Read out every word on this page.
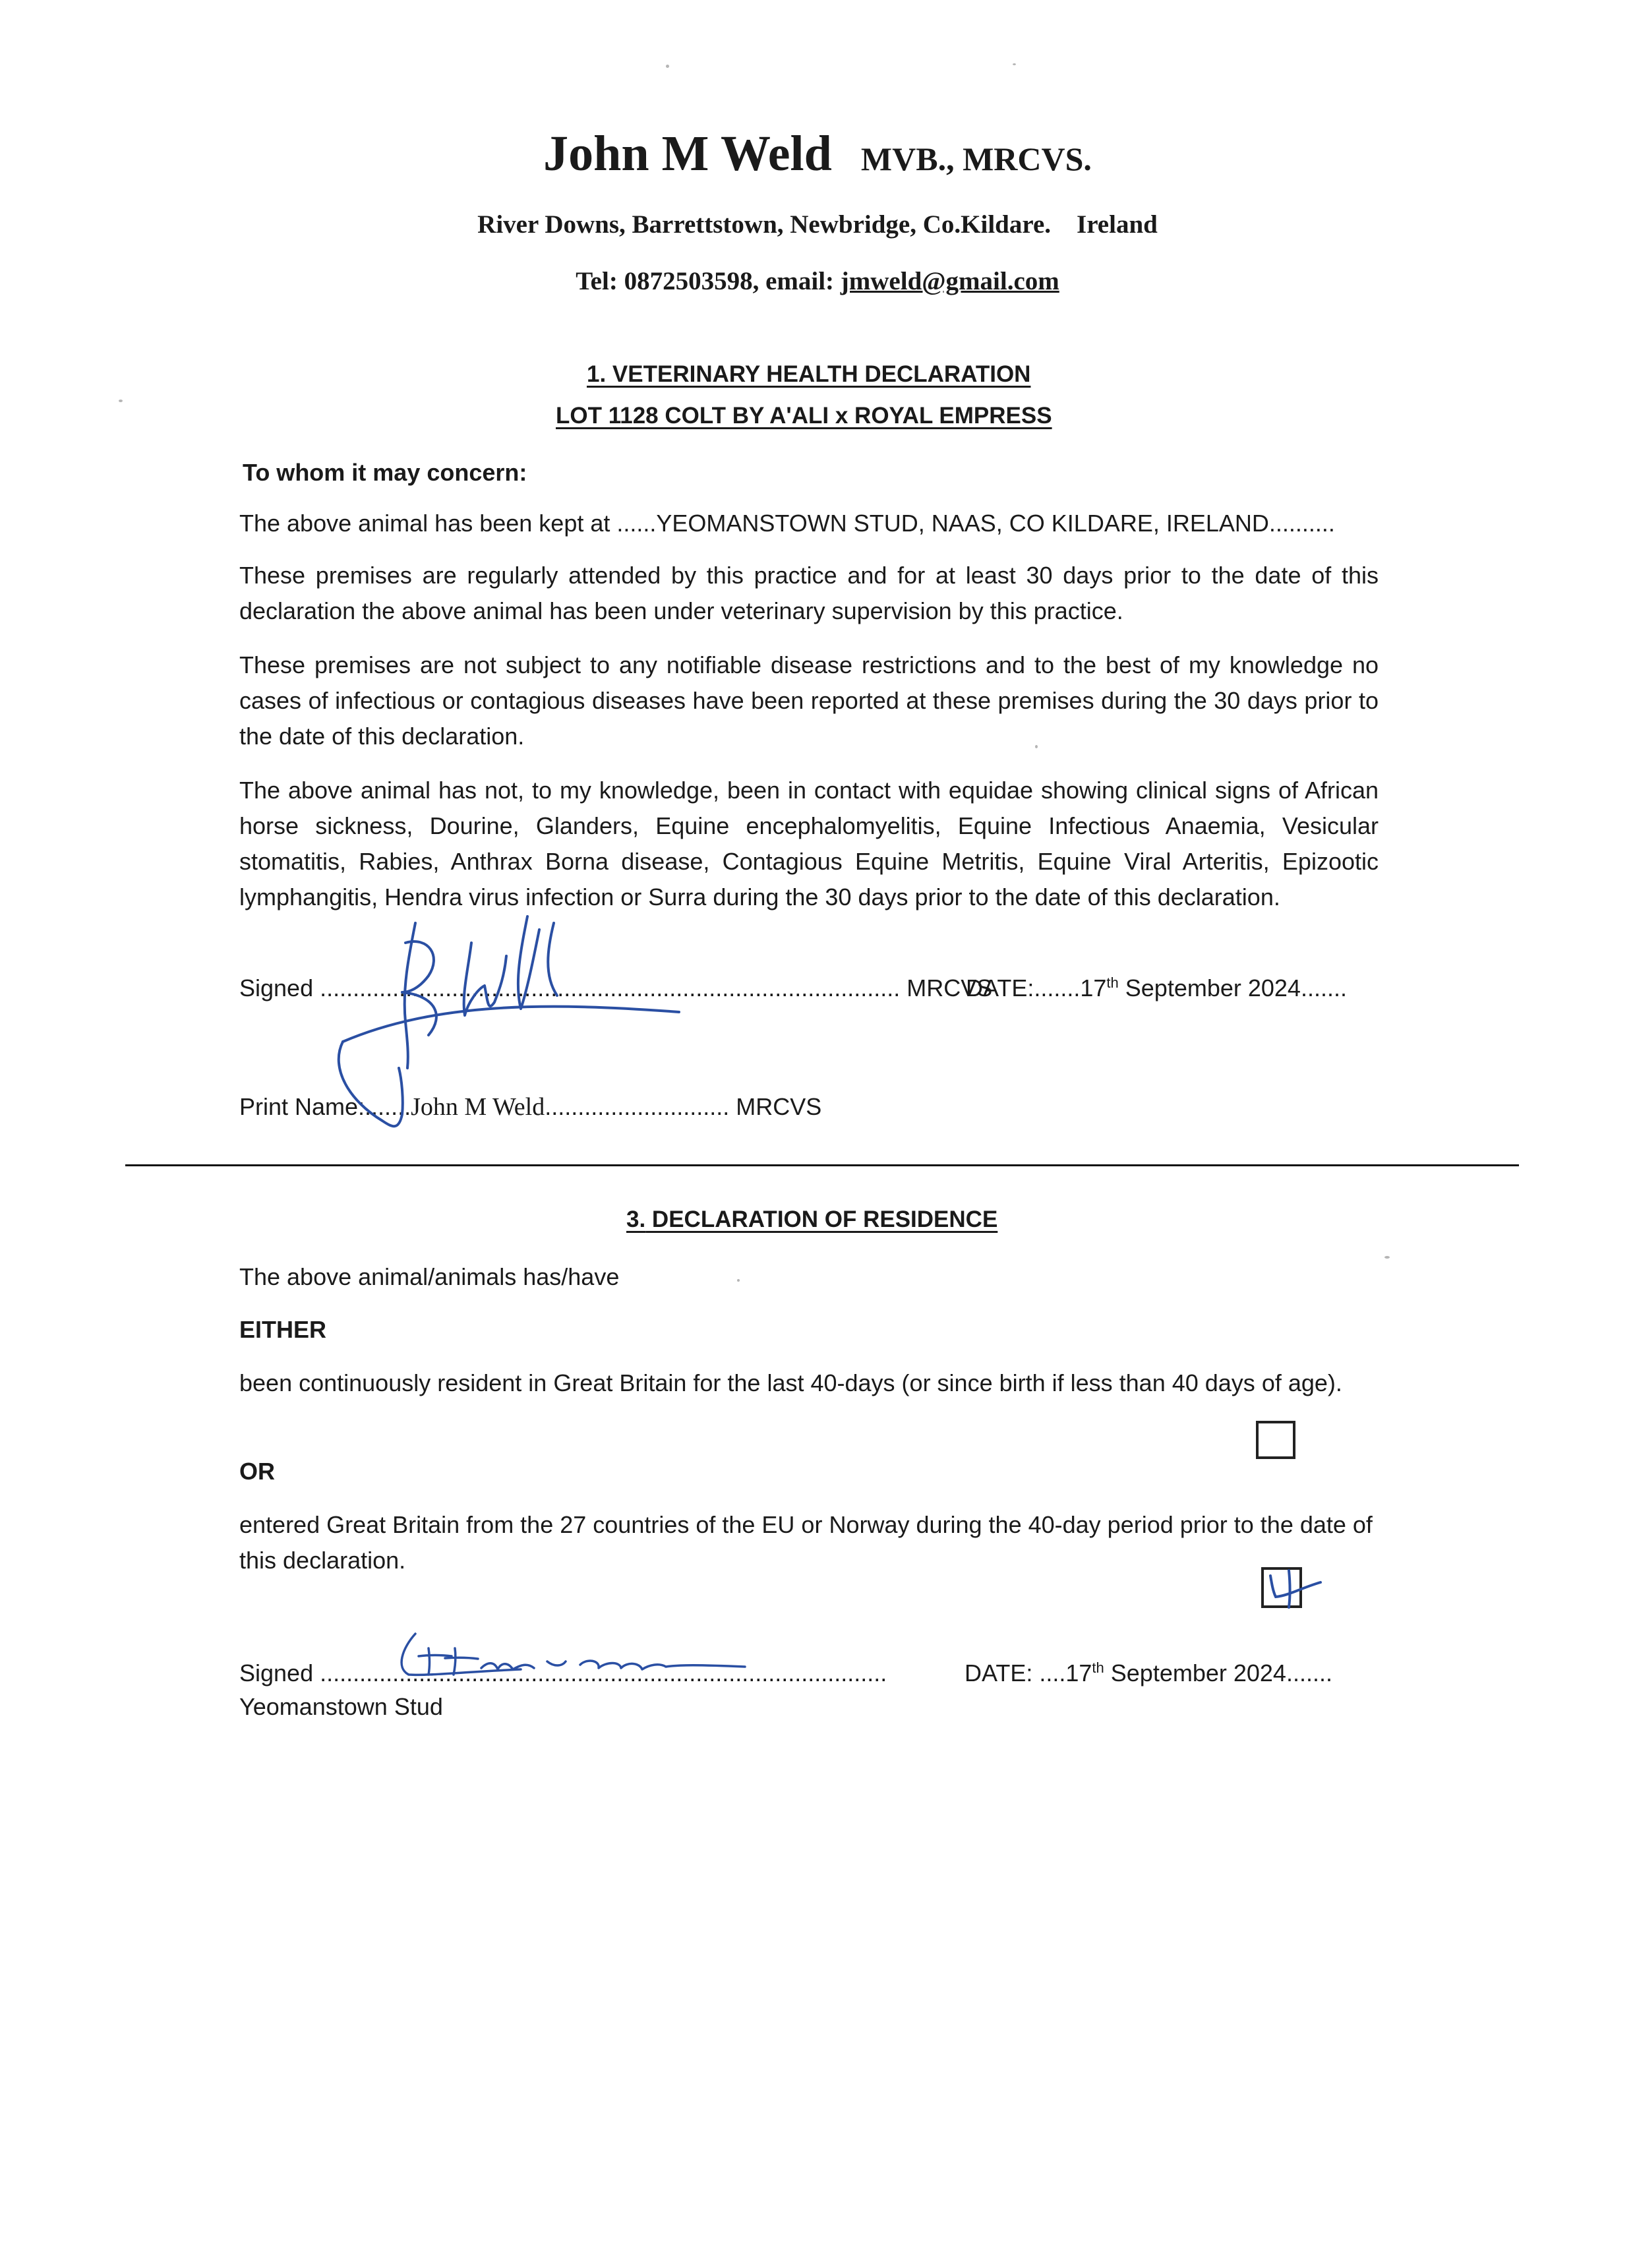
John M Weld MVB., MRCVS.
River Downs, Barrettstown, Newbridge, Co.Kildare.    Ireland
Tel: 0872503598, email: jmweld@gmail.com
1. VETERINARY HEALTH DECLARATION
LOT 1128 COLT BY A'ALI x ROYAL EMPRESS
To whom it may concern:
The above animal has been kept at ......YEOMANSTOWN STUD, NAAS, CO KILDARE, IRELAND..........
These premises are regularly attended by this practice and for at least 30 days prior to the date of this declaration the above animal has been under veterinary supervision by this practice.
These premises are not subject to any notifiable disease restrictions and to the best of my knowledge no cases of infectious or contagious diseases have been reported at these premises during the 30 days prior to the date of this declaration.
The above animal has not, to my knowledge, been in contact with equidae showing clinical signs of African horse sickness, Dourine, Glanders, Equine encephalomyelitis, Equine Infectious Anaemia, Vesicular stomatitis, Rabies, Anthrax Borna disease, Contagious Equine Metritis, Equine Viral Arteritis, Epizootic lymphangitis, Hendra virus infection or Surra during the 30 days prior to the date of this declaration.
Signed ........................................................................................ MRCVS
DATE:.......17th September 2024.......
Print Name:.......John M Weld............................ MRCVS
3. DECLARATION OF RESIDENCE
The above animal/animals has/have
EITHER
been continuously resident in Great Britain for the last 40-days (or since birth if less than 40 days of age).
OR
entered Great Britain from the 27 countries of the EU or Norway during the 40-day period prior to the date of this declaration.
Signed ......................................................................................
Yeomanstown Stud
DATE: ....17th September 2024.......
